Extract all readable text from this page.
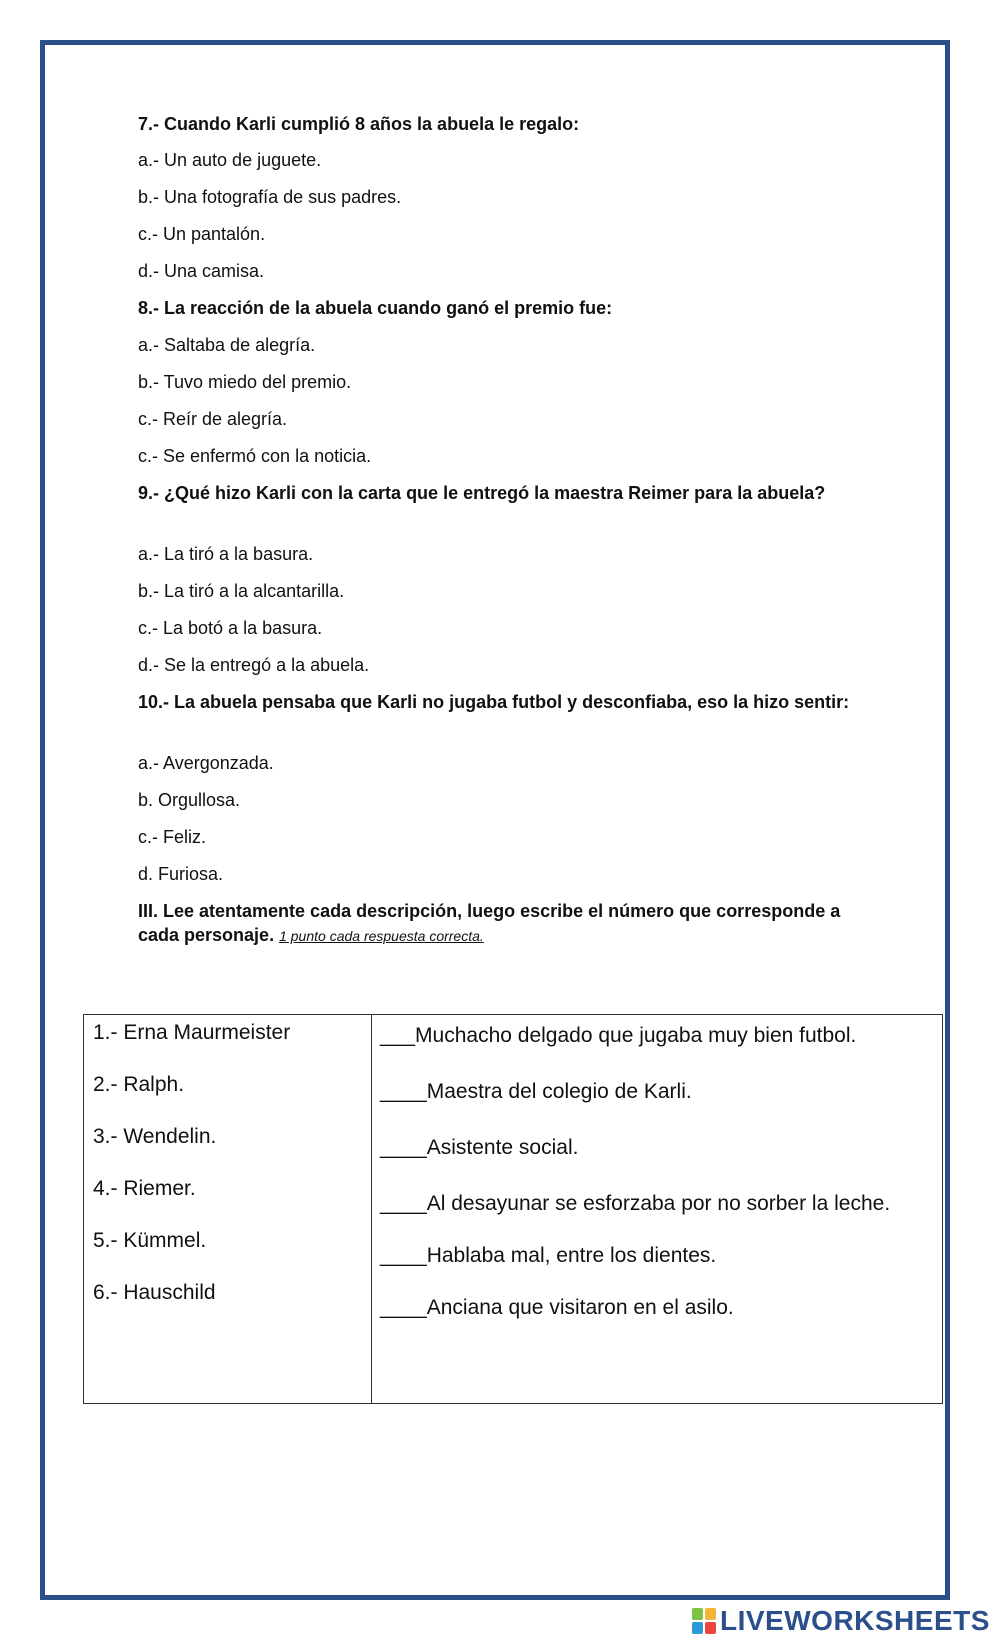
7.- Cuando Karli cumplió 8 años la abuela le regalo:
a.- Un auto de juguete.
b.- Una fotografía de sus padres.
c.- Un pantalón.
d.- Una camisa.
8.- La reacción de la abuela cuando ganó el premio fue:
a.- Saltaba de alegría.
b.- Tuvo miedo del premio.
c.- Reír de alegría.
c.- Se enfermó con la noticia.
9.- ¿Qué hizo Karli con la carta que le entregó la maestra Reimer para la abuela?
a.- La tiró a la basura.
b.- La tiró a la alcantarilla.
c.- La botó a la basura.
d.- Se la entregó a la abuela.
10.- La abuela pensaba que Karli no jugaba futbol y desconfiaba, eso la hizo sentir:
a.- Avergonzada.
b. Orgullosa.
c.- Feliz.
d. Furiosa.
III. Lee atentamente cada descripción, luego escribe el número que corresponde a cada personaje. 1 punto cada respuesta correcta.
1.- Erna Maurmeister
2.- Ralph.
3.- Wendelin.
4.- Riemer.
5.- Kümmel.
6.- Hauschild
___Muchacho delgado que jugaba muy bien futbol.
____Maestra del colegio de Karli.
____Asistente social.
____Al desayunar se esforzaba por no sorber la leche.
____Hablaba mal, entre los dientes.
____Anciana que visitaron en el asilo.
LIVEWORKSHEETS
